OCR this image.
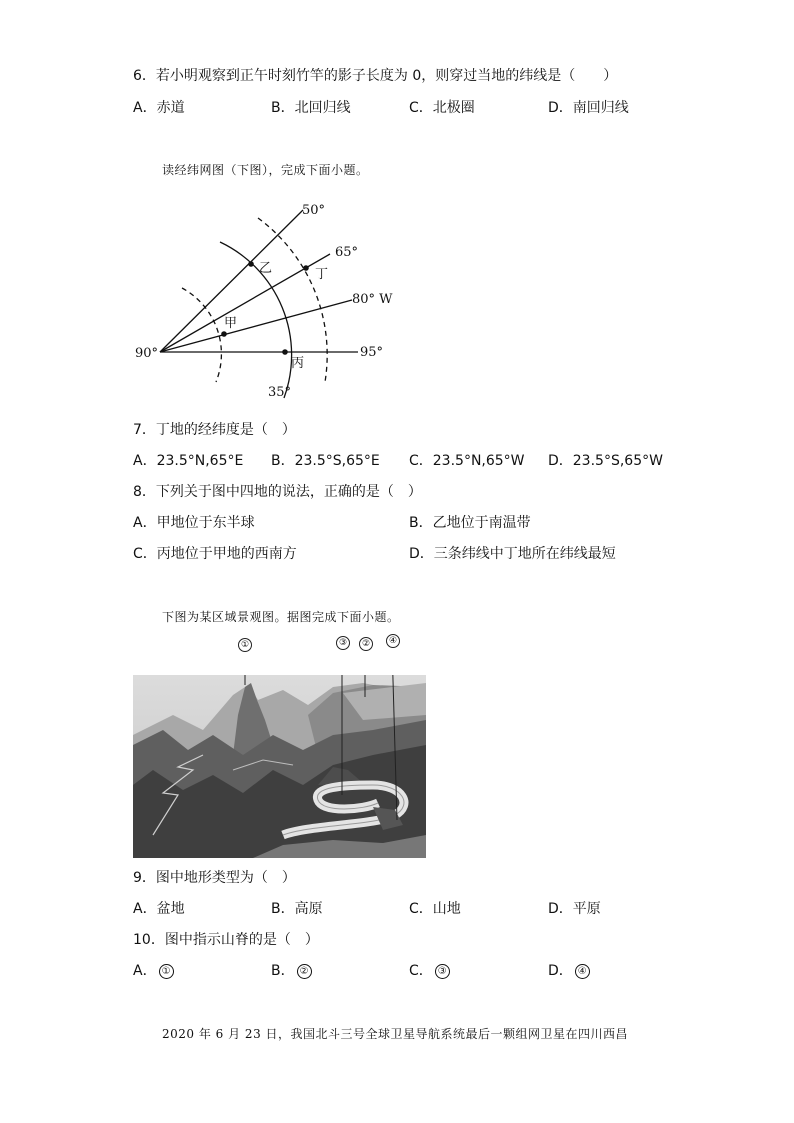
6．若小明观察到正午时刻竹竿的影子长度为 0，则穿过当地的纬线是（　　）
A．赤道	B．北回归线	C．北极圈	D．南回归线
读经纬网图（下图），完成下面小题。
50°
65°
80° W
95°
90°
35°
甲
乙	丁
丙
7．丁地的经纬度是（　）
A．23.5°N,65°E B．23.5°S,65°E C．23.5°N,65°W D．23.5°S,65°W
8．下列关于图中四地的说法，正确的是（　）
A．甲地位于东半球	B．乙地位于南温带
C．丙地位于甲地的西南方	D．三条纬线中丁地所在纬线最短
下图为某区域景观图。据图完成下面小题。
①	③	②	④
9．图中地形类型为（　）
A．盆地	B．高原	C．山地	D．平原
10．图中指示山脊的是（　）
A． ①	B． ②	C． ③	D． ④
2020 年 6 月 23 日，我国北斗三号全球卫星导航系统最后一颗组网卫星在四川西昌
